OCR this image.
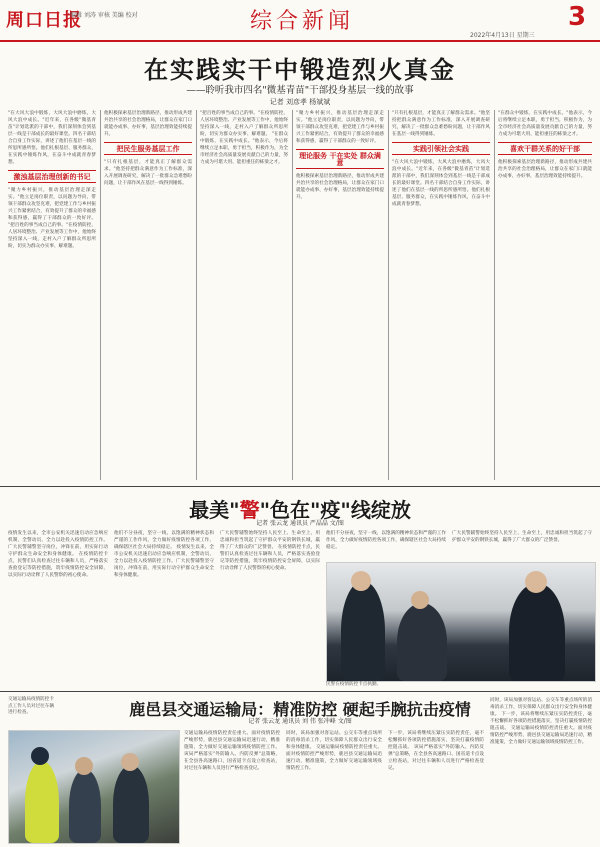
周口日报
编辑 刘涛 审核 美编 校对	综合新闻	3
2022年4月13日 星期三
在实践实干中锻造烈火真金
——聆听我市四名"微基青苗"干部投身基层一线的故事
记者 刘彦孝 杨斌斌
"在大风大浪中锻炼，大风大浪中磨炼，大风大浪中成长。"近年来，在各级"微基青苗"计划选派的干部中，我们深刻体会到基层一线是干部成长的最好课堂。四名干部结合自身工作实际，讲述了他们在基层一线的所思所感所悟。他们扎根基层、服务群众，在实践中锤炼作风，在奋斗中成就青春梦想。
激浊基层治理创新的书记
"聚力乡村振兴，推动基层治理走深走实。"他立足岗位职责，以问题为导向，带领干部群众攻坚克难，把党建工作与乡村振兴工作紧密结合，有效提升了群众的幸福感和获得感，赢得了干部群众的一致好评。 "把百姓的事当成自己的事。"在疫情防控、人居环境整治、产业发展等工作中，他始终坚持深入一线，走村入户了解群众所思所盼，切实为群众办实事、解难题。
他积极探索基层治理新路径，推动形成共建共治共享的社会治理格局，让群众在家门口就能办成事、办好事，基层治理效能持续提升。
把民生服务基层工作
"只有扎根基层，才能真正了解群众需求。"他坚持把群众满意作为工作标准，深入开展调查研究，解决了一批群众急难愁盼问题，让干部作风在基层一线得到锤炼。
"把百姓的事当成自己的事。"在疫情防控、人居环境整治、产业发展等工作中，他始终坚持深入一线，走村入户了解群众所思所盼，切实为群众办实事、解难题。 "在群众中锻炼，在实践中成长。"他表示，今后将继续立足本职，勇于担当，积极作为，为全市经济社会高质量发展贡献自己的力量，努力成为可堪大用、能担重任的栋梁之才。
"聚力乡村振兴，推动基层治理走深走实。"他立足岗位职责，以问题为导向，带领干部群众攻坚克难，把党建工作与乡村振兴工作紧密结合，有效提升了群众的幸福感和获得感，赢得了干部群众的一致好评。
理论服务 干在实处 群众满意
他积极探索基层治理新路径，推动形成共建共治共享的社会治理格局，让群众在家门口就能办成事、办好事，基层治理效能持续提升。
"只有扎根基层，才能真正了解群众需求。"他坚持把群众满意作为工作标准，深入开展调查研究，解决了一批群众急难愁盼问题，让干部作风在基层一线得到锤炼。
实践引领社会实践
"在大风大浪中锻炼，大风大浪中磨炼，大风大浪中成长。"近年来，在各级"微基青苗"计划选派的干部中，我们深刻体会到基层一线是干部成长的最好课堂。四名干部结合自身工作实际，讲述了他们在基层一线的所思所感所悟。他们扎根基层、服务群众，在实践中锤炼作风，在奋斗中成就青春梦想。
"在群众中锻炼，在实践中成长。"他表示，今后将继续立足本职，勇于担当，积极作为，为全市经济社会高质量发展贡献自己的力量，努力成为可堪大用、能担重任的栋梁之才。
喜欢干群关系的好干部
他积极探索基层治理新路径，推动形成共建共治共享的社会治理格局，让群众在家门口就能办成事、办好事，基层治理效能持续提升。
最美"警"色在"疫"线绽放
记者 张云龙 通讯员 严晶晶 文/图
疫情发生以来，全市公安机关迅速启动应急响应机制，全警动员、全力以赴投入疫情防控工作。广大民警辅警坚守岗位，冲锋在前，用实际行动守护群众生命安全和身体健康。 在疫情防控卡点，民警们认真检查过往车辆和人员，严格落实查验登记等防控措施，筑牢疫情防控安全屏障，以实际行动诠释了人民警察的初心使命。
他们不分昼夜，坚守一线，以饱满的精神状态和严谨的工作作风，全力做好疫情防控各项工作，确保辖区社会大局持续稳定。 疫情发生以来，全市公安机关迅速启动应急响应机制，全警动员、全力以赴投入疫情防控工作。广大民警辅警坚守岗位，冲锋在前，用实际行动守护群众生命安全和身体健康。
广大民警辅警始终坚持人民至上、生命至上，用忠诚和担当筑起了守护群众平安的钢铁长城，赢得了广大群众的广泛赞誉。 在疫情防控卡点，民警们认真检查过往车辆和人员，严格落实查验登记等防控措施，筑牢疫情防控安全屏障，以实际行动诠释了人民警察的初心使命。
他们不分昼夜，坚守一线，以饱满的精神状态和严谨的工作作风，全力做好疫情防控各项工作，确保辖区社会大局持续稳定。
广大民警辅警始终坚持人民至上、生命至上，用忠诚和担当筑起了守护群众平安的钢铁长城，赢得了广大群众的广泛赞誉。
民警在疫情防控卡点执勤。
鹿邑县交通运输局：精准防控 硬起手腕抗击疫情
记者 张云龙 通讯员 刘 伟 张冲峰 文/图
交通运输局疫情防控卡点工作人员对过往车辆进行检查。
交通运输局疫情防控责任重大。面对疫情防控严峻形势，鹿邑县交通运输局迅速行动，精准施策，全力做好交通运输领域疫情防控工作。 该局严格落实"外防输入、内防反弹"总策略，在全县各高速路口、国省道卡点设立检查站，对过往车辆和人员进行严格检查登记。
同时，该局加强对客运站、公交车等重点场所的消毒消杀工作，切实保障人民群众出行安全和身体健康。 交通运输局疫情防控责任重大。面对疫情防控严峻形势，鹿邑县交通运输局迅速行动，精准施策，全力做好交通运输领域疫情防控工作。
下一步，该局将继续压紧压实防控责任，毫不松懈抓好各项防控措施落实，坚决打赢疫情防控阻击战。 该局严格落实"外防输入、内防反弹"总策略，在全县各高速路口、国省道卡点设立检查站，对过往车辆和人员进行严格检查登记。
同时，该局加强对客运站、公交车等重点场所的消毒消杀工作，切实保障人民群众出行安全和身体健康。 下一步，该局将继续压紧压实防控责任，毫不松懈抓好各项防控措施落实，坚决打赢疫情防控阻击战。 交通运输局疫情防控责任重大。面对疫情防控严峻形势，鹿邑县交通运输局迅速行动，精准施策，全力做好交通运输领域疫情防控工作。
